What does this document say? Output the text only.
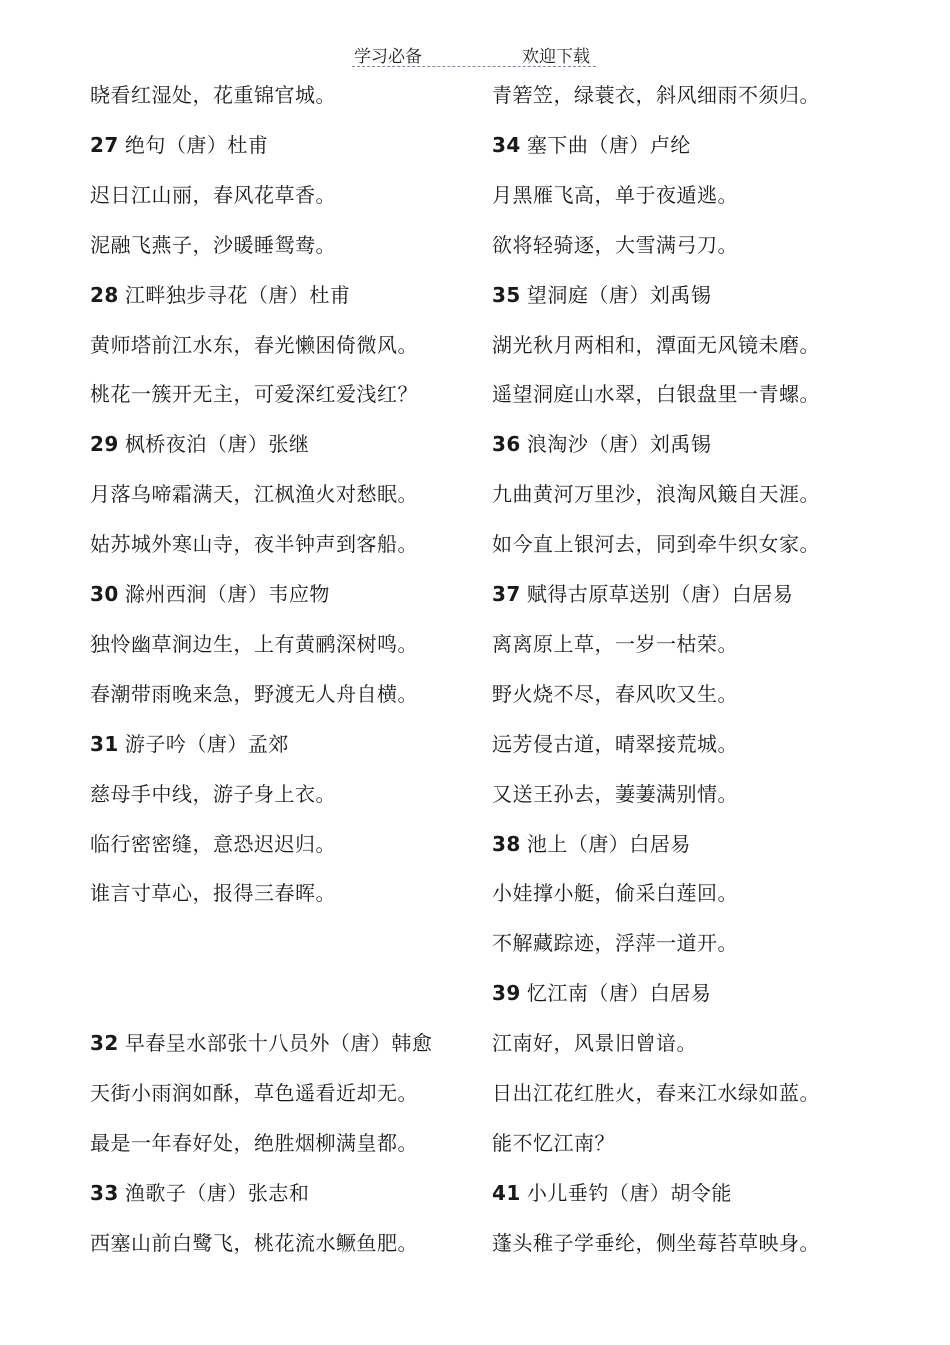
学习必备	欢迎下载
晓看红湿处，花重锦官城。
27 绝句（唐）杜甫
迟日江山丽，春风花草香。
泥融飞燕子，沙暖睡鸳鸯。
28 江畔独步寻花（唐）杜甫
黄师塔前江水东，春光懒困倚微风。
桃花一簇开无主，可爱深红爱浅红？
29 枫桥夜泊（唐）张继
月落乌啼霜满天，江枫渔火对愁眠。
姑苏城外寒山寺，夜半钟声到客船。
30 滁州西涧（唐）韦应物
独怜幽草涧边生，上有黄鹂深树鸣。
春潮带雨晚来急，野渡无人舟自横。
31 游子吟（唐）孟郊
慈母手中线，游子身上衣。
临行密密缝，意恐迟迟归。
谁言寸草心，报得三春晖。
32 早春呈水部张十八员外（唐）韩愈
天街小雨润如酥，草色遥看近却无。
最是一年春好处，绝胜烟柳满皇都。
33 渔歌子（唐）张志和
西塞山前白鹭飞，桃花流水鳜鱼肥。
青箬笠，绿蓑衣，斜风细雨不须归。
34 塞下曲（唐）卢纶
月黑雁飞高，单于夜遁逃。
欲将轻骑逐，大雪满弓刀。
35 望洞庭（唐）刘禹锡
湖光秋月两相和，潭面无风镜未磨。
遥望洞庭山水翠，白银盘里一青螺。
36 浪淘沙（唐）刘禹锡
九曲黄河万里沙，浪淘风簸自天涯。
如今直上银河去，同到牵牛织女家。
37 赋得古原草送别（唐）白居易
离离原上草，一岁一枯荣。
野火烧不尽，春风吹又生。
远芳侵古道，晴翠接荒城。
又送王孙去，萋萋满别情。
38 池上（唐）白居易
小娃撑小艇，偷采白莲回。
不解藏踪迹，浮萍一道开。
39 忆江南（唐）白居易
江南好，风景旧曾谙。
日出江花红胜火，春来江水绿如蓝。
能不忆江南？
41 小儿垂钓（唐）胡令能
蓬头稚子学垂纶，侧坐莓苔草映身。
